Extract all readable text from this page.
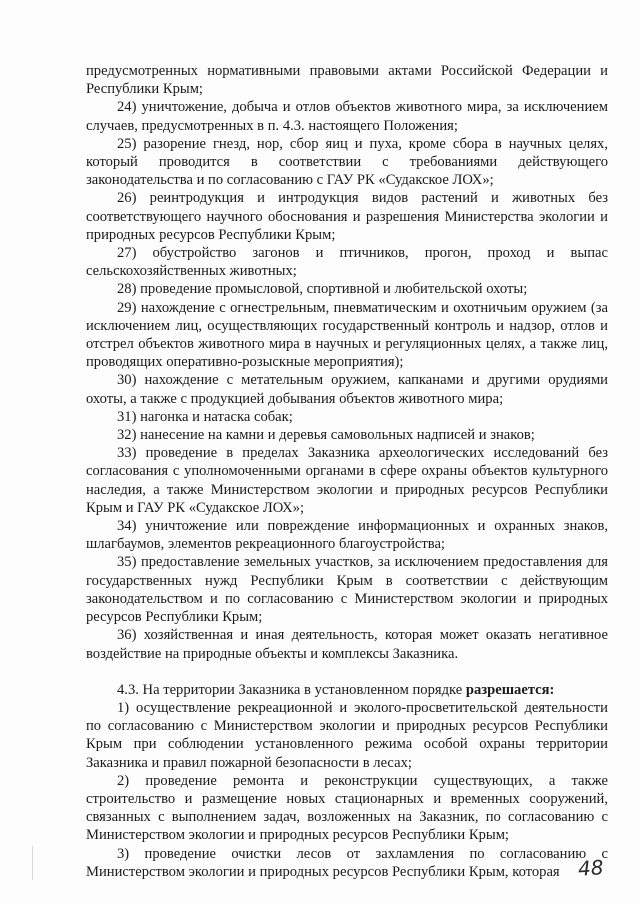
предусмотренных нормативными правовыми актами Российской Федерации и Республики Крым;

24) уничтожение, добыча и отлов объектов животного мира, за исключением случаев, предусмотренных в п. 4.3. настоящего Положения;

25) разорение гнезд, нор, сбор яиц и пуха, кроме сбора в научных целях, который проводится в соответствии с требованиями действующего законодательства и по согласованию с ГАУ РК «Судакское ЛОХ»;

26) реинтродукция и интродукция видов растений и животных без соответствующего научного обоснования и разрешения Министерства экологии и природных ресурсов Республики Крым;

27) обустройство загонов и птичников, прогон, проход и выпас сельскохозяйственных животных;

28) проведение промысловой, спортивной и любительской охоты;

29) нахождение с огнестрельным, пневматическим и охотничьим оружием (за исключением лиц, осуществляющих государственный контроль и надзор, отлов и отстрел объектов животного мира в научных и регуляционных целях, а также лиц, проводящих оперативно-розыскные мероприятия);

30) нахождение с метательным оружием, капканами и другими орудиями охоты, а также с продукцией добывания объектов животного мира;

31) нагонка и натаска собак;

32) нанесение на камни и деревья самовольных надписей и знаков;

33) проведение в пределах Заказника археологических исследований без согласования с уполномоченными органами в сфере охраны объектов культурного наследия, а также Министерством экологии и природных ресурсов Республики Крым и ГАУ РК «Судакское ЛОХ»;

34) уничтожение или повреждение информационных и охранных знаков, шлагбаумов, элементов рекреационного благоустройства;

35) предоставление земельных участков, за исключением предоставления для государственных нужд Республики Крым в соответствии с действующим законодательством и по согласованию с Министерством экологии и природных ресурсов Республики Крым;

36) хозяйственная и иная деятельность, которая может оказать негативное воздействие на природные объекты и комплексы Заказника.

4.3. На территории Заказника в установленном порядке разрешается:

1) осуществление рекреационной и эколого-просветительской деятельности по согласованию с Министерством экологии и природных ресурсов Республики Крым при соблюдении установленного режима особой охраны территории Заказника и правил пожарной безопасности в лесах;

2) проведение ремонта и реконструкции существующих, а также строительство и размещение новых стационарных и временных сооружений, связанных с выполнением задач, возложенных на Заказник, по согласованию с Министерством экологии и природных ресурсов Республики Крым;

3) проведение очистки лесов от захламления по согласованию с Министерством экологии и природных ресурсов Республики Крым, которая 48
